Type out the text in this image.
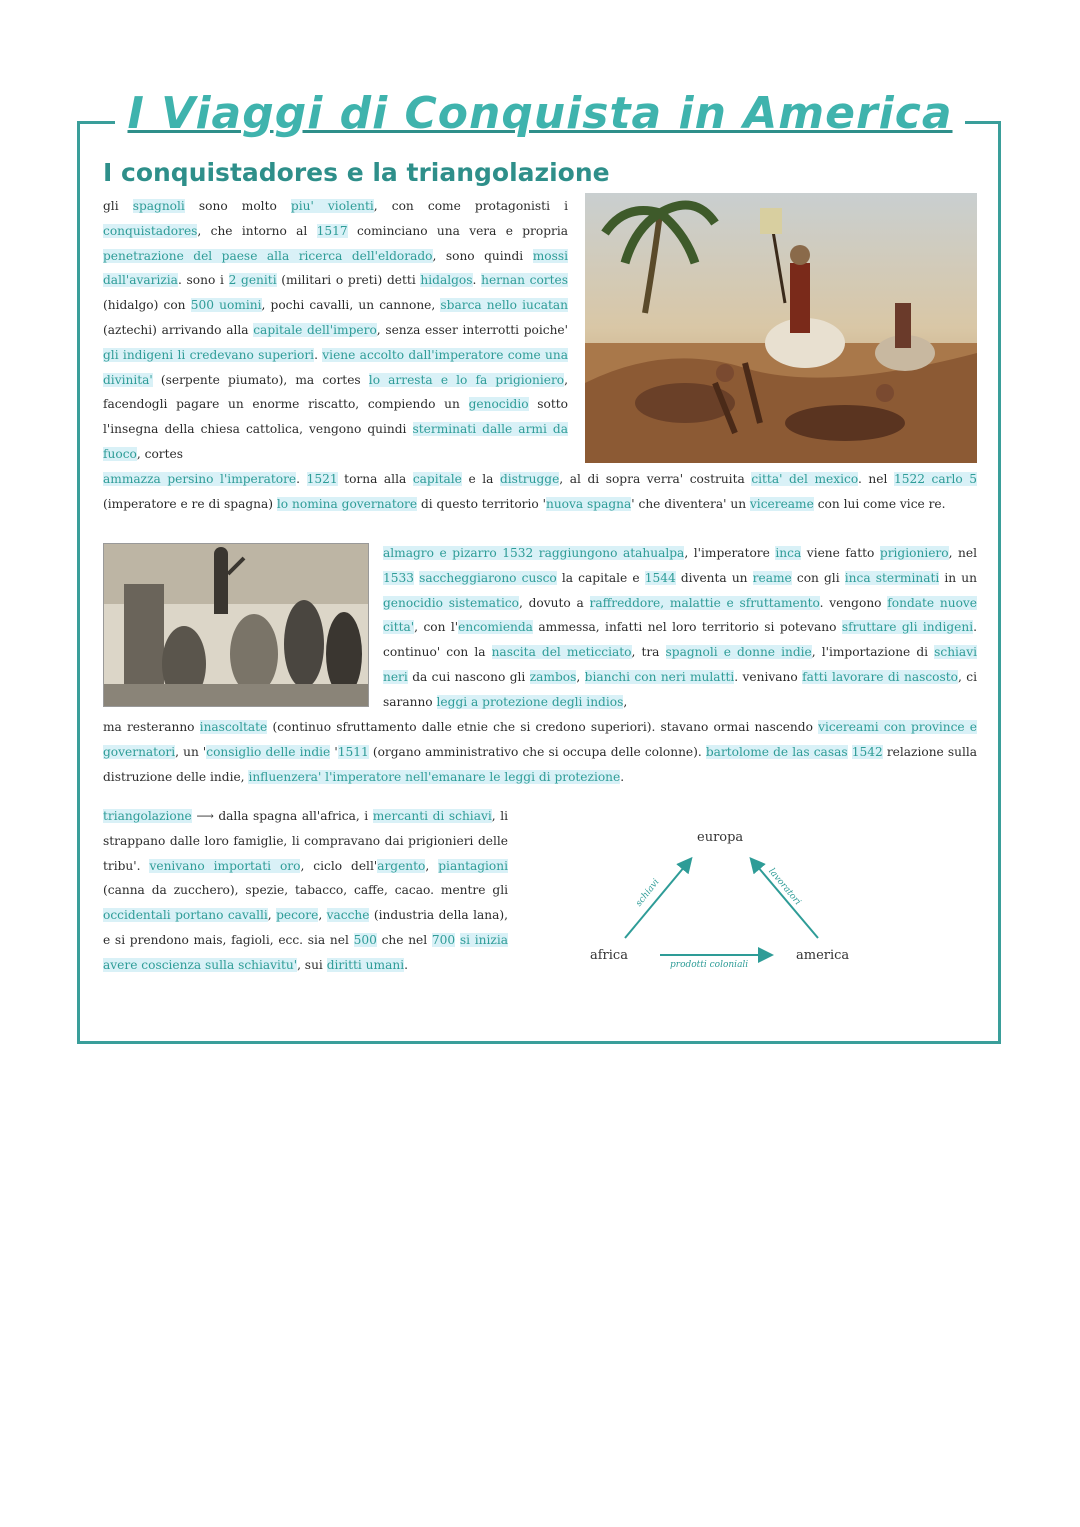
I Viaggi di Conquista in America
I conquistadores e la triangolazione

gli spagnoli sono molto piu' violenti, con come protagonisti i conquistadores, che intorno al 1517 cominciano una vera e propria penetrazione del paese alla ricerca dell'eldorado, sono quindi mossi dall'avarizia. sono i 2 geniti (militari o preti) detti hidalgos. hernan cortes (hidalgo) con 500 uomini, pochi cavalli, un cannone, sbarca nello iucatan (aztechi) arrivando alla capitale dell'impero, senza esser interrotti poiche' gli indigeni li credevano superiori. viene accolto dall'imperatore come una divinita' (serpente piumato), ma cortes lo arresta e lo fa prigioniero, facendogli pagare un enorme riscatto, compiendo un genocidio sotto l'insegna della chiesa cattolica, vengono quindi sterminati dalle armi da fuoco, cortes

ammazza persino l'imperatore. 1521 torna alla capitale e la distrugge, al di sopra verra' costruita citta' del mexico. nel 1522 carlo 5 (imperatore e re di spagna) lo nomina governatore di questo territorio 'nuova spagna' che diventera' un vicereame con lui come vice re.

almagro e pizarro 1532 raggiungono atahualpa, l'imperatore inca viene fatto prigioniero, nel 1533 saccheggiarono cusco la capitale e 1544 diventa un reame con gli inca sterminati in un genocidio sistematico, dovuto a raffreddore, malattie e sfruttamento. vengono fondate nuove citta', con l'encomienda ammessa, infatti nel loro territorio si potevano sfruttare gli indigeni. continuo' con la nascita del meticciato, tra spagnoli e donne indie, l'importazione di schiavi neri da cui nascono gli zambos, bianchi con neri mulatti. venivano fatti lavorare di nascosto, ci saranno leggi a protezione degli indios,

ma resteranno inascoltate (continuo sfruttamento dalle etnie che si credono superiori). stavano ormai nascendo vicereami con province e governatori, un 'consiglio delle indie '1511 (organo amministrativo che si occupa delle colonne). bartolome de las casas 1542 relazione sulla distruzione delle indie, influenzera' l'imperatore nell'emanare le leggi di protezione.

triangolazione ⟶ dalla spagna all'africa, i mercanti di schiavi, li strappano dalle loro famiglie, li compravano dai prigionieri delle tribu'. venivano importati oro, ciclo dell'argento, piantagioni (canna da zucchero), spezie, tabacco, caffe, cacao. mentre gli occidentali portano cavalli, pecore, vacche (industria della lana), e si prendono mais, fagioli, ecc. sia nel 500 che nel 700 si inizia avere coscienza sulla schiavitu', sui diritti umani.

europa
africa	america
schiavi	lavoratori
prodotti coloniali
